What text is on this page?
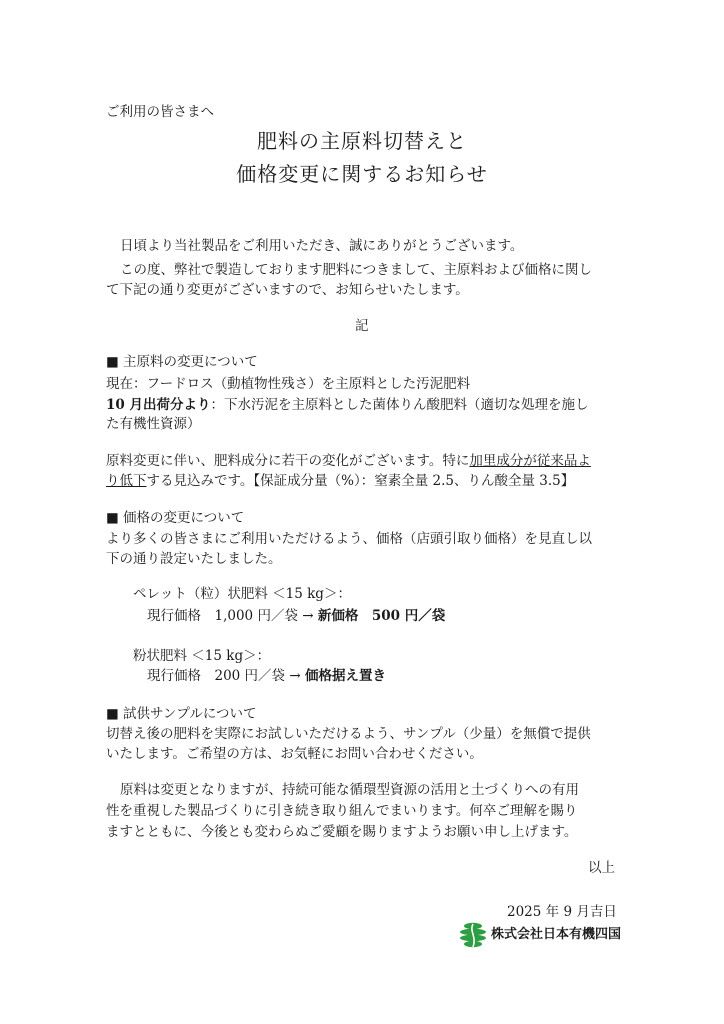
ご利用の皆さまへ
肥料の主原料切替えと
価格変更に関するお知らせ
日頃より当社製品をご利用いただき、誠にありがとうございます。
この度、弊社で製造しております肥料につきまして、主原料および価格に関し
て下記の通り変更がございますので、お知らせいたします。
記
■ 主原料の変更について
現在：フードロス（動植物性残さ）を主原料とした汚泥肥料
10 月出荷分より：下水汚泥を主原料とした菌体りん酸肥料（適切な処理を施し
た有機性資源）
原料変更に伴い、肥料成分に若干の変化がございます。特に加里成分が従来品よ
り低下する見込みです。【保証成分量（%）：窒素全量 2.5、りん酸全量 3.5】
■ 価格の変更について
より多くの皆さまにご利用いただけるよう、価格（店頭引取り価格）を見直し以
下の通り設定いたしました。
ペレット（粒）状肥料 ＜15 kg＞：
現行価格　1,000 円／袋 → 新価格　500 円／袋
粉状肥料 ＜15 kg＞：
現行価格　200 円／袋 → 価格据え置き
■ 試供サンプルについて
切替え後の肥料を実際にお試しいただけるよう、サンプル（少量）を無償で提供
いたします。ご希望の方は、お気軽にお問い合わせください。
原料は変更となりますが、持続可能な循環型資源の活用と土づくりへの有用
性を重視した製品づくりに引き続き取り組んでまいります。何卒ご理解を賜り
ますとともに、今後とも変わらぬご愛顧を賜りますようお願い申し上げます。
以上
2025 年 9 月吉日
株式会社日本有機四国
